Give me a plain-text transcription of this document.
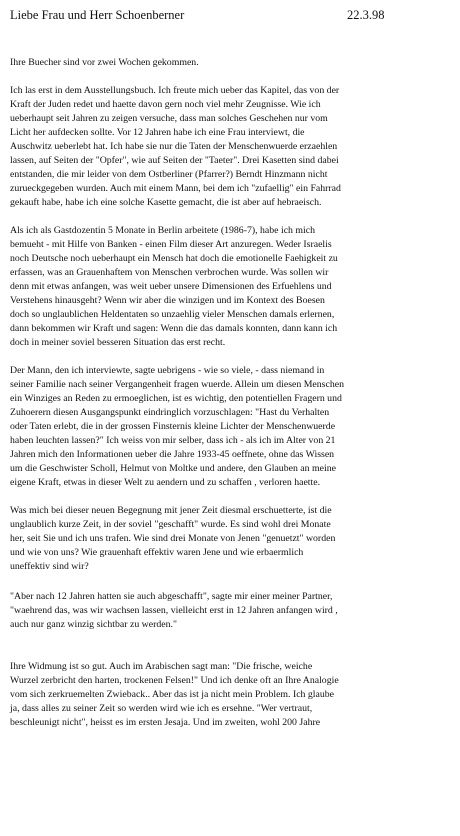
Liebe Frau und Herr Schoenberner	22.3.98
Ihre Buecher sind vor zwei Wochen gekommen.
Ich las erst in dem Ausstellungsbuch. Ich freute mich ueber das Kapitel, das von der
Kraft der Juden redet und haette davon gern noch viel mehr Zeugnisse. Wie ich
ueberhaupt seit Jahren zu zeigen versuche, dass man solches Geschehen nur vom
Licht her aufdecken sollte. Vor 12 Jahren habe ich eine Frau interviewt, die
Auschwitz ueberlebt hat. Ich habe sie nur die Taten der Menschenwuerde erzaehlen
lassen, auf Seiten der "Opfer", wie auf Seiten der "Taeter". Drei Kasetten sind dabei
entstanden, die mir leider von dem Ostberliner (Pfarrer?) Berndt Hinzmann nicht
zurueckgegeben wurden. Auch mit einem Mann, bei dem ich "zufaellig" ein Fahrrad
gekauft habe, habe ich eine solche Kasette gemacht, die ist aber auf hebraeisch.
Als ich als Gastdozentin 5 Monate in Berlin arbeitete (1986-7), habe ich mich
bemueht - mit Hilfe von Banken - einen Film dieser Art anzuregen. Weder Israelis
noch Deutsche noch ueberhaupt ein Mensch hat doch die emotionelle Faehigkeit zu
erfassen, was an Grauenhaftem von Menschen verbrochen wurde. Was sollen wir
denn mit etwas anfangen, was weit ueber unsere Dimensionen des Erfuehlens und
Verstehens hinausgeht? Wenn wir aber die winzigen und im Kontext des Boesen
doch so unglaublichen Heldentaten so unzaehlig vieler Menschen damals erlernen,
dann bekommen wir Kraft und sagen: Wenn die das damals konnten, dann kann ich
doch in meiner soviel besseren Situation das erst recht.
Der Mann, den ich interviewte, sagte uebrigens - wie so viele, - dass niemand in
seiner Familie nach seiner Vergangenheit fragen wuerde. Allein um diesen Menschen
ein Winziges an Reden zu ermoeglichen, ist es wichtig, den potentiellen Fragern und
Zuhoerern diesen Ausgangspunkt eindringlich vorzuschlagen: "Hast du Verhalten
oder Taten erlebt, die in der grossen Finsternis kleine Lichter der Menschenwuerde
haben leuchten lassen?" Ich weiss von mir selber, dass ich - als ich im Alter von 21
Jahren mich den Informationen ueber die Jahre 1933-45 oeffnete, ohne das Wissen
um die Geschwister Scholl, Helmut von Moltke und andere, den Glauben an meine
eigene Kraft, etwas in dieser Welt zu aendern und zu schaffen , verloren haette.
Was mich bei dieser neuen Begegnung mit jener Zeit diesmal erschuetterte, ist die
unglaublich kurze Zeit, in der soviel "geschafft" wurde. Es sind wohl drei Monate
her, seit Sie und ich uns trafen. Wie sind drei Monate von Jenen "genuetzt" worden
und wie von uns? Wie grauenhaft effektiv waren Jene und wie erbaermlich
uneffektiv sind wir?
"Aber nach 12 Jahren hatten sie auch abgeschafft", sagte mir einer meiner Partner,
"waehrend das, was wir wachsen lassen, vielleicht erst in 12 Jahren anfangen wird ,
auch nur ganz winzig sichtbar zu werden."
Ihre Widmung ist so gut. Auch im Arabischen sagt man: "Die frische, weiche
Wurzel zerbricht den harten, trockenen Felsen!" Und ich denke oft an Ihre Analogie
vom sich zerkruemelten Zwieback.. Aber das ist ja nicht mein Problem. Ich glaube
ja, dass alles zu seiner Zeit so werden wird wie ich es ersehne. "Wer vertraut,
beschleunigt nicht", heisst es im ersten Jesaja. Und im zweiten, wohl 200 Jahre
